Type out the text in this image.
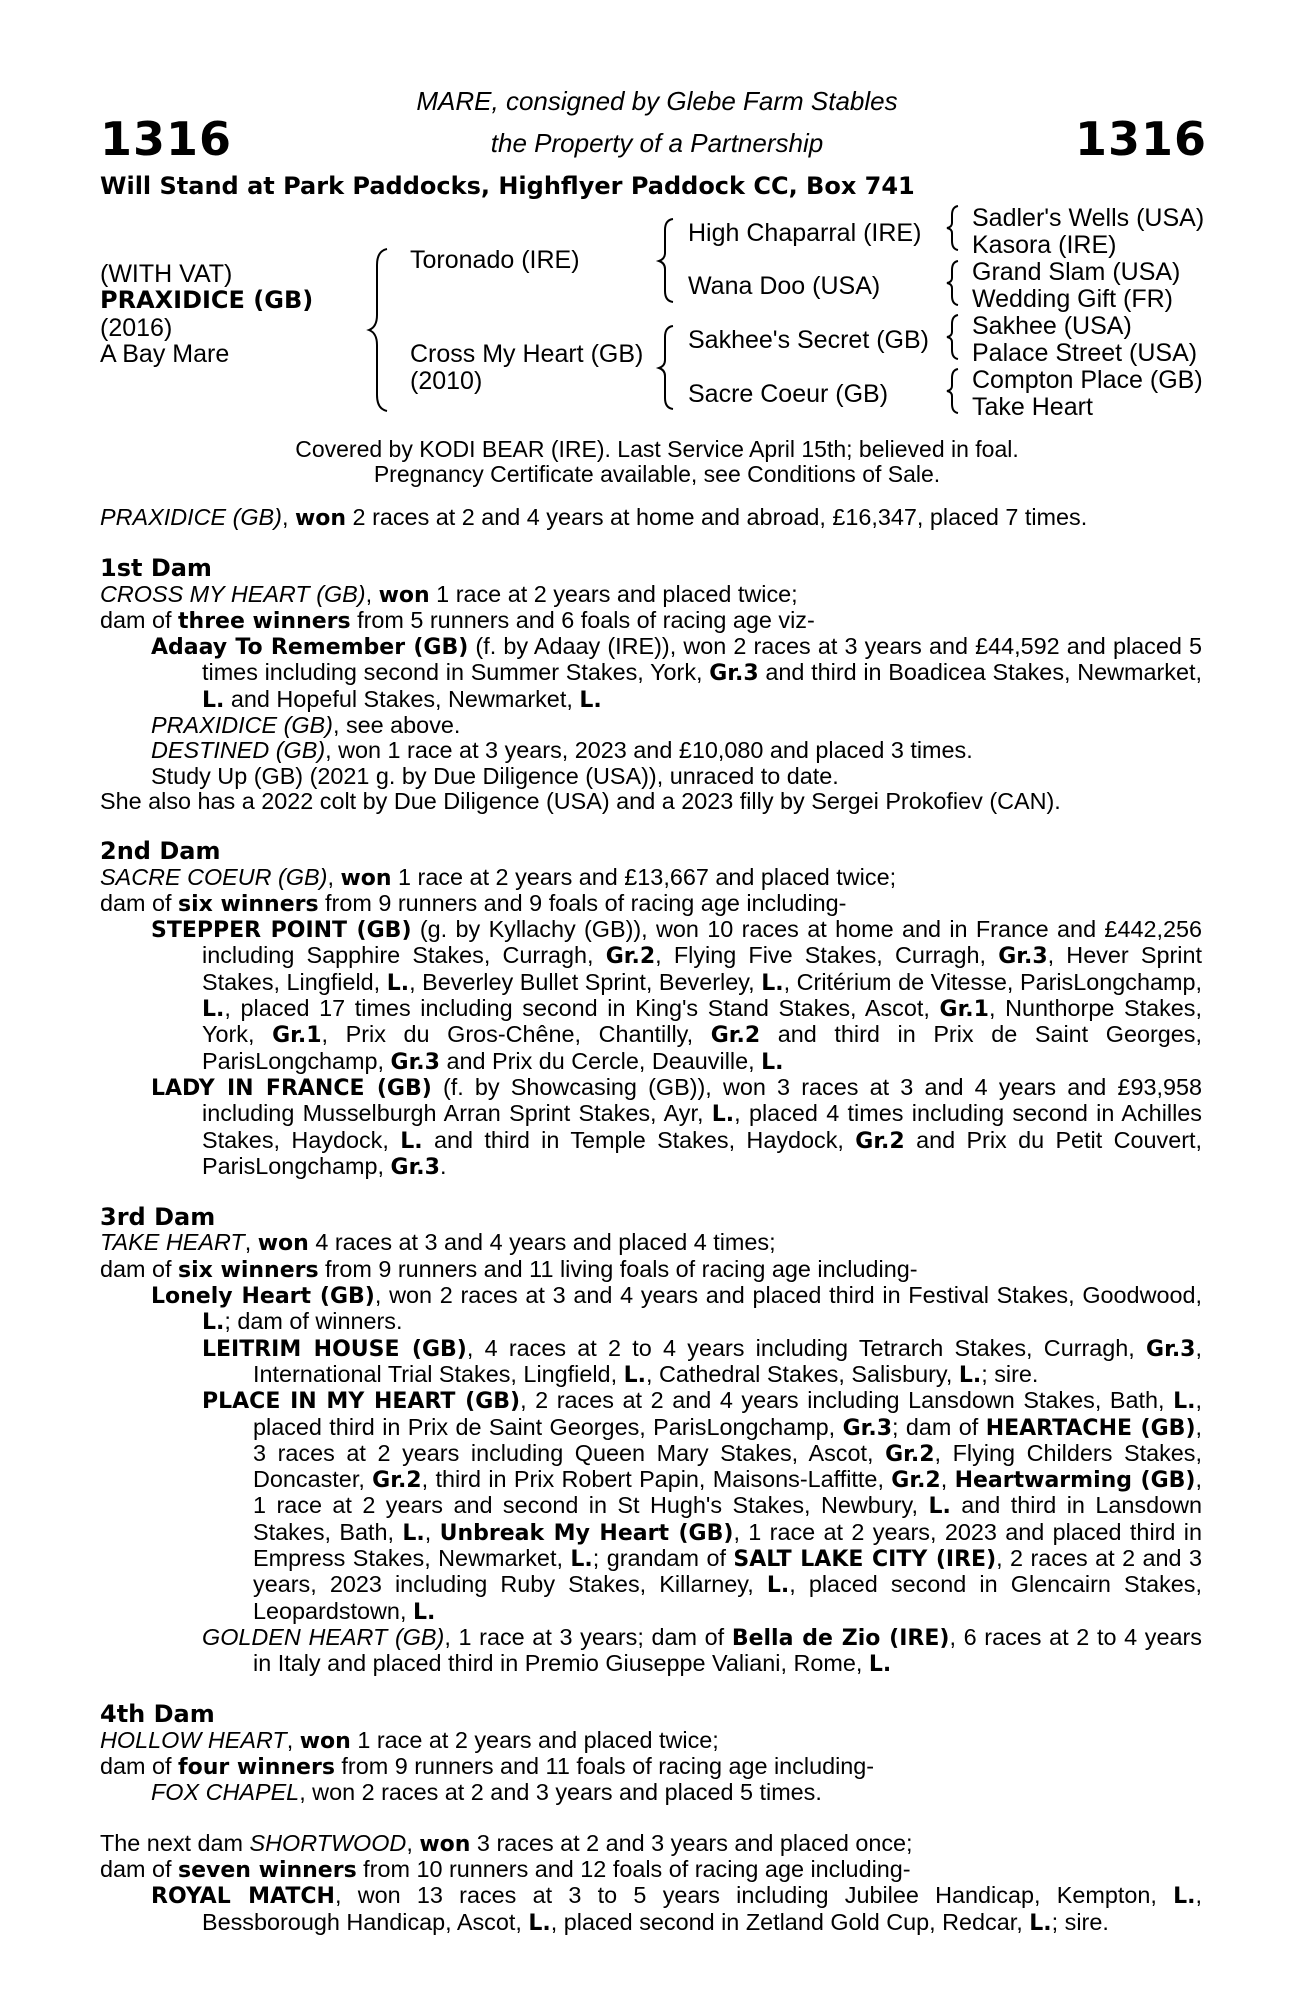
1316	1316
MARE, consigned by Glebe Farm Stables
the Property of a Partnership
Will Stand at Park Paddocks, Highflyer Paddock CC, Box 741
(WITH VAT)
PRAXIDICE (GB)
(2016)
A Bay Mare
Toronado (IRE)
Cross My Heart (GB)
(2010)
High Chaparral (IRE)
Wana Doo (USA)
Sakhee's Secret (GB)
Sacre Coeur (GB)
Sadler's Wells (USA)
Kasora (IRE)
Grand Slam (USA)
Wedding Gift (FR)
Sakhee (USA)
Palace Street (USA)
Compton Place (GB)
Take Heart
Covered by KODI BEAR (IRE). Last Service April 15th; believed in foal.
Pregnancy Certificate available, see Conditions of Sale.

PRAXIDICE (GB), won 2 races at 2 and 4 years at home and abroad, £16,347, placed 7 times.

1st Dam

CROSS MY HEART (GB), won 1 race at 2 years and placed twice;

dam of three winners from 5 runners and 6 foals of racing age viz-

Adaay To Remember (GB) (f. by Adaay (IRE)), won 2 races at 3 years and £44,592 and placed 5 times including second in Summer Stakes, York, Gr.3 and third in Boadicea Stakes, Newmarket, L. and Hopeful Stakes, Newmarket, L.

PRAXIDICE (GB), see above.

DESTINED (GB), won 1 race at 3 years, 2023 and £10,080 and placed 3 times.

Study Up (GB) (2021 g. by Due Diligence (USA)), unraced to date.

She also has a 2022 colt by Due Diligence (USA) and a 2023 filly by Sergei Prokofiev (CAN).

2nd Dam

SACRE COEUR (GB), won 1 race at 2 years and £13,667 and placed twice;

dam of six winners from 9 runners and 9 foals of racing age including-

STEPPER POINT (GB) (g. by Kyllachy (GB)), won 10 races at home and in France and £442,256 including Sapphire Stakes, Curragh, Gr.2, Flying Five Stakes, Curragh, Gr.3, Hever Sprint Stakes, Lingfield, L., Beverley Bullet Sprint, Beverley, L., Critérium de Vitesse, ParisLongchamp, L., placed 17 times including second in King's Stand Stakes, Ascot, Gr.1, Nunthorpe Stakes, York, Gr.1, Prix du Gros-Chêne, Chantilly, Gr.2 and third in Prix de Saint Georges, ParisLongchamp, Gr.3 and Prix du Cercle, Deauville, L.

LADY IN FRANCE (GB) (f. by Showcasing (GB)), won 3 races at 3 and 4 years and £93,958 including Musselburgh Arran Sprint Stakes, Ayr, L., placed 4 times including second in Achilles Stakes, Haydock, L. and third in Temple Stakes, Haydock, Gr.2 and Prix du Petit Couvert, ParisLongchamp, Gr.3.

3rd Dam

TAKE HEART, won 4 races at 3 and 4 years and placed 4 times;

dam of six winners from 9 runners and 11 living foals of racing age including-

Lonely Heart (GB), won 2 races at 3 and 4 years and placed third in Festival Stakes, Goodwood, L.; dam of winners.

LEITRIM HOUSE (GB), 4 races at 2 to 4 years including Tetrarch Stakes, Curragh, Gr.3, International Trial Stakes, Lingfield, L., Cathedral Stakes, Salisbury, L.; sire.

PLACE IN MY HEART (GB), 2 races at 2 and 4 years including Lansdown Stakes, Bath, L., placed third in Prix de Saint Georges, ParisLongchamp, Gr.3; dam of HEARTACHE (GB), 3 races at 2 years including Queen Mary Stakes, Ascot, Gr.2, Flying Childers Stakes, Doncaster, Gr.2, third in Prix Robert Papin, Maisons-Laffitte, Gr.2, Heartwarming (GB), 1 race at 2 years and second in St Hugh's Stakes, Newbury, L. and third in Lansdown Stakes, Bath, L., Unbreak My Heart (GB), 1 race at 2 years, 2023 and placed third in Empress Stakes, Newmarket, L.; grandam of SALT LAKE CITY (IRE), 2 races at 2 and 3 years, 2023 including Ruby Stakes, Killarney, L., placed second in Glencairn Stakes, Leopardstown, L.

GOLDEN HEART (GB), 1 race at 3 years; dam of Bella de Zio (IRE), 6 races at 2 to 4 years in Italy and placed third in Premio Giuseppe Valiani, Rome, L.

4th Dam

HOLLOW HEART, won 1 race at 2 years and placed twice;

dam of four winners from 9 runners and 11 foals of racing age including-

FOX CHAPEL, won 2 races at 2 and 3 years and placed 5 times.

The next dam SHORTWOOD, won 3 races at 2 and 3 years and placed once;

dam of seven winners from 10 runners and 12 foals of racing age including-

ROYAL MATCH, won 13 races at 3 to 5 years including Jubilee Handicap, Kempton, L., Bessborough Handicap, Ascot, L., placed second in Zetland Gold Cup, Redcar, L.; sire.
